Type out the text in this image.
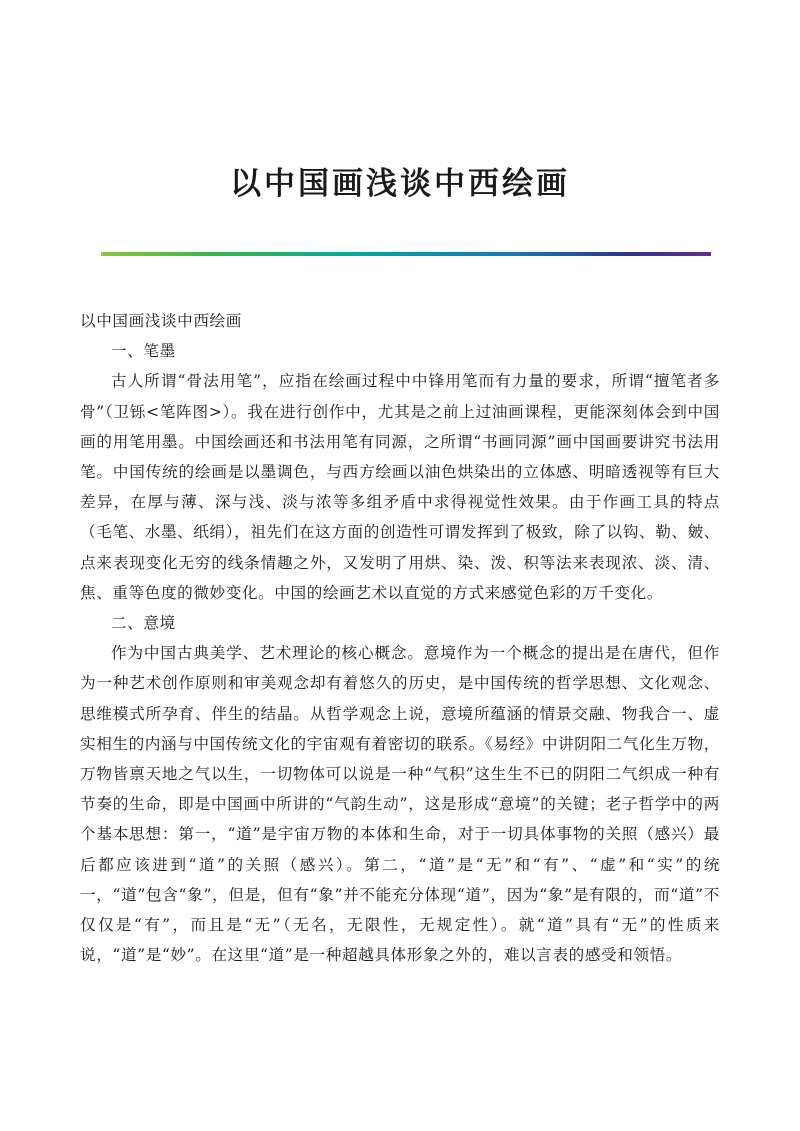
以中国画浅谈中西绘画

以中国画浅谈中西绘画

一、笔墨

古人所谓“骨法用笔”，应指在绘画过程中中锋用笔而有力量的要求，所谓“擅笔者多骨”（卫铄<笔阵图>）。我在进行创作中，尤其是之前上过油画课程，更能深刻体会到中国画的用笔用墨。中国绘画还和书法用笔有同源，之所谓“书画同源”画中国画要讲究书法用笔。中国传统的绘画是以墨调色，与西方绘画以油色烘染出的立体感、明暗透视等有巨大差异，在厚与薄、深与浅、淡与浓等多组矛盾中求得视觉性效果。由于作画工具的特点（毛笔、水墨、纸绢），祖先们在这方面的创造性可谓发挥到了极致，除了以钩、勒、皴、点来表现变化无穷的线条情趣之外，又发明了用烘、染、泼、积等法来表现浓、淡、清、焦、重等色度的微妙变化。中国的绘画艺术以直觉的方式来感觉色彩的万千变化。

二、意境

作为中国古典美学、艺术理论的核心概念。意境作为一个概念的提出是在唐代，但作为一种艺术创作原则和审美观念却有着悠久的历史，是中国传统的哲学思想、文化观念、思维模式所孕育、伴生的结晶。从哲学观念上说，意境所蕴涵的情景交融、物我合一、虚实相生的内涵与中国传统文化的宇宙观有着密切的联系。《易经》中讲阴阳二气化生万物，万物皆禀天地之气以生，一切物体可以说是一种“气积”这生生不已的阴阳二气织成一种有节奏的生命，即是中国画中所讲的“气韵生动”，这是形成“意境”的关键；老子哲学中的两个基本思想：第一，“道”是宇宙万物的本体和生命，对于一切具体事物的关照（感兴）最后都应该进到“道”的关照（感兴）。第二，“道”是“无”和“有”、“虚”和“实”的统一，“道”包含“象”，但是，但有“象”并不能充分体现“道”，因为“象”是有限的，而“道”不仅仅是“有”，而且是“无”（无名，无限性，无规定性）。就“道”具有“无”的性质来说，“道”是“妙”。在这里“道”是一种超越具体形象之外的，难以言表的感受和领悟。
